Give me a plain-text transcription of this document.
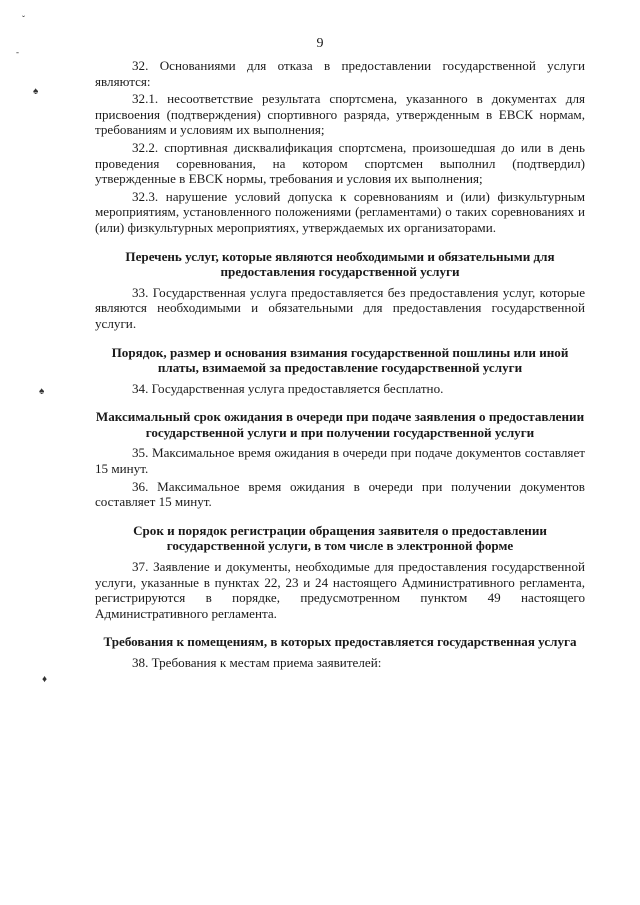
9
ˇ
-
♠
♠
♦

32. Основаниями для отказа в предоставлении государственной услуги являются:

32.1. несоответствие результата спортсмена, указанного в документах для присвоения (подтверждения) спортивного разряда, утвержденным в ЕВСК нормам, требованиям и условиям их выполнения;

32.2. спортивная дисквалификация спортсмена, произошедшая до или в день проведения соревнования, на котором спортсмен выполнил (подтвердил) утвержденные в ЕВСК нормы, требования и условия их выполнения;

32.3. нарушение условий допуска к соревнованиям и (или) физкультурным мероприятиям, установленного положениями (регламентами) о таких соревнованиях и (или) физкультурных мероприятиях, утверждаемых их организаторами.

Перечень услуг, которые являются необходимыми и обязательными для предоставления государственной услуги

33. Государственная услуга предоставляется без предоставления услуг, которые являются необходимыми и обязательными для предоставления государственной услуги.

Порядок, размер и основания взимания государственной пошлины или иной платы, взимаемой за предоставление государственной услуги

34. Государственная услуга предоставляется бесплатно.

Максимальный срок ожидания в очереди при подаче заявления о предоставлении государственной услуги и при получении государственной услуги

35. Максимальное время ожидания в очереди при подаче документов составляет 15 минут.

36. Максимальное время ожидания в очереди при получении документов составляет 15 минут.

Срок и порядок регистрации обращения заявителя о предоставлении государственной услуги, в том числе в электронной форме

37. Заявление и документы, необходимые для предоставления государственной услуги, указанные в пунктах 22, 23 и 24 настоящего Административного регламента, регистрируются в порядке, предусмотренном пунктом 49 настоящего Административного регламента.

Требования к помещениям, в которых предоставляется государственная услуга

38. Требования к местам приема заявителей:
